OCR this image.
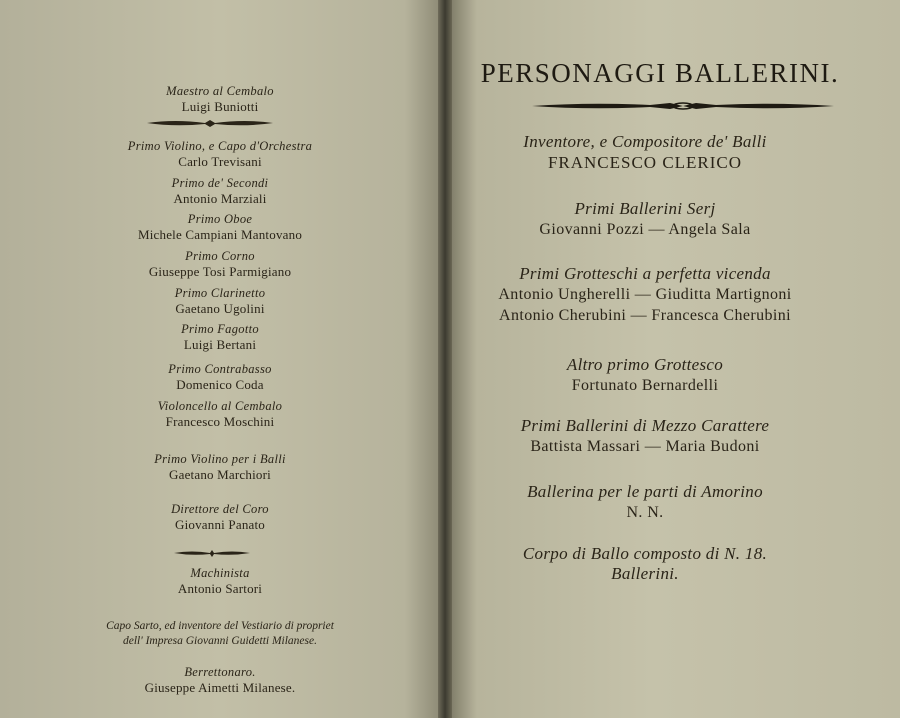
Maestro al Cembalo
Luigi Buniotti
Primo Violino, e Capo d'Orchestra
Carlo Trevisani
Primo de' Secondi
Antonio Marziali
Primo Oboe
Michele Campiani Mantovano
Primo Corno
Giuseppe Tosi Parmigiano
Primo Clarinetto
Gaetano Ugolini
Primo Fagotto
Luigi Bertani
Primo Contrabasso
Domenico Coda
Violoncello al Cembalo
Francesco Moschini
Primo Violino per i Balli
Gaetano Marchiori
Direttore del Coro
Giovanni Panato
Machinista
Antonio Sartori
Capo Sarto, ed inventore del Vestiario di propriet
dell' Impresa Giovanni Guidetti Milanese.
Berrettonaro.
Giuseppe Aimetti Milanese.
PERSONAGGI BALLERINI.
Inventore, e Compositore de' Balli
FRANCESCO CLERICO
Primi Ballerini Serj
Giovanni Pozzi — Angela Sala
Primi Grotteschi a perfetta vicenda
Antonio Ungherelli — Giuditta Martignoni
Antonio Cherubini — Francesca Cherubini
Altro primo Grottesco
Fortunato Bernardelli
Primi Ballerini di Mezzo Carattere
Battista Massari — Maria Budoni
Ballerina per le parti di Amorino
N. N.
Corpo di Ballo composto di N. 18.
Ballerini.
